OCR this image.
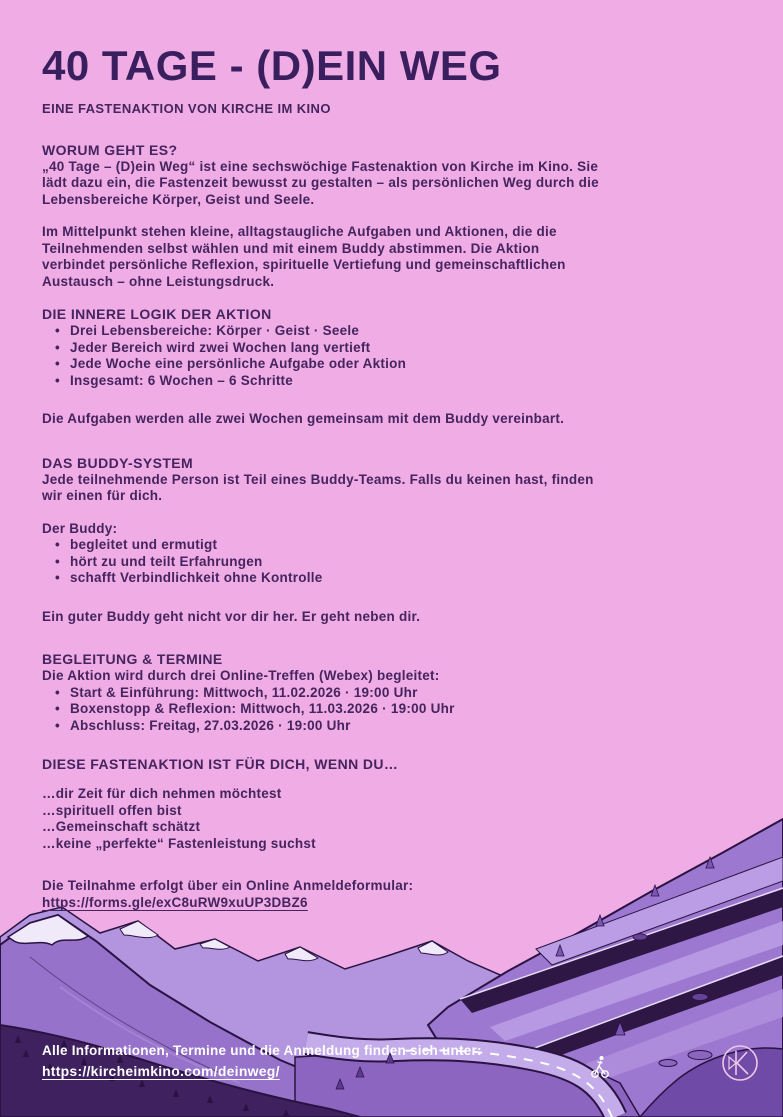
40 TAGE - (D)EIN WEG
EINE FASTENAKTION VON KIRCHE IM KINO
WORUM GEHT ES?
„40 Tage – (D)ein Weg“ ist eine sechswöchige Fastenaktion von Kirche im Kino. Sie
lädt dazu ein, die Fastenzeit bewusst zu gestalten – als persönlichen Weg durch die
Lebensbereiche Körper, Geist und Seele.
Im Mittelpunkt stehen kleine, alltagstaugliche Aufgaben und Aktionen, die die
Teilnehmenden selbst wählen und mit einem Buddy abstimmen. Die Aktion
verbindet persönliche Reflexion, spirituelle Vertiefung und gemeinschaftlichen
Austausch – ohne Leistungsdruck.
DIE INNERE LOGIK DER AKTION
• Drei Lebensbereiche: Körper · Geist · Seele
• Jeder Bereich wird zwei Wochen lang vertieft
• Jede Woche eine persönliche Aufgabe oder Aktion
• Insgesamt: 6 Wochen – 6 Schritte
Die Aufgaben werden alle zwei Wochen gemeinsam mit dem Buddy vereinbart.
DAS BUDDY-SYSTEM
Jede teilnehmende Person ist Teil eines Buddy-Teams. Falls du keinen hast, finden
wir einen für dich.
Der Buddy:
• begleitet und ermutigt
• hört zu und teilt Erfahrungen
• schafft Verbindlichkeit ohne Kontrolle
Ein guter Buddy geht nicht vor dir her. Er geht neben dir.
BEGLEITUNG & TERMINE
Die Aktion wird durch drei Online-Treffen (Webex) begleitet:
• Start & Einführung: Mittwoch, 11.02.2026 · 19:00 Uhr
• Boxenstopp & Reflexion: Mittwoch, 11.03.2026 · 19:00 Uhr
• Abschluss: Freitag, 27.03.2026 · 19:00 Uhr
DIESE FASTENAKTION IST FÜR DICH, WENN DU…
…dir Zeit für dich nehmen möchtest
…spirituell offen bist
…Gemeinschaft schätzt
…keine „perfekte“ Fastenleistung suchst
Die Teilnahme erfolgt über ein Online Anmeldeformular:
https://forms.gle/exC8uRW9xuUP3DBZ6
Alle Informationen, Termine und die Anmeldung finden sich unter:
https://kircheimkino.com/deinweg/
